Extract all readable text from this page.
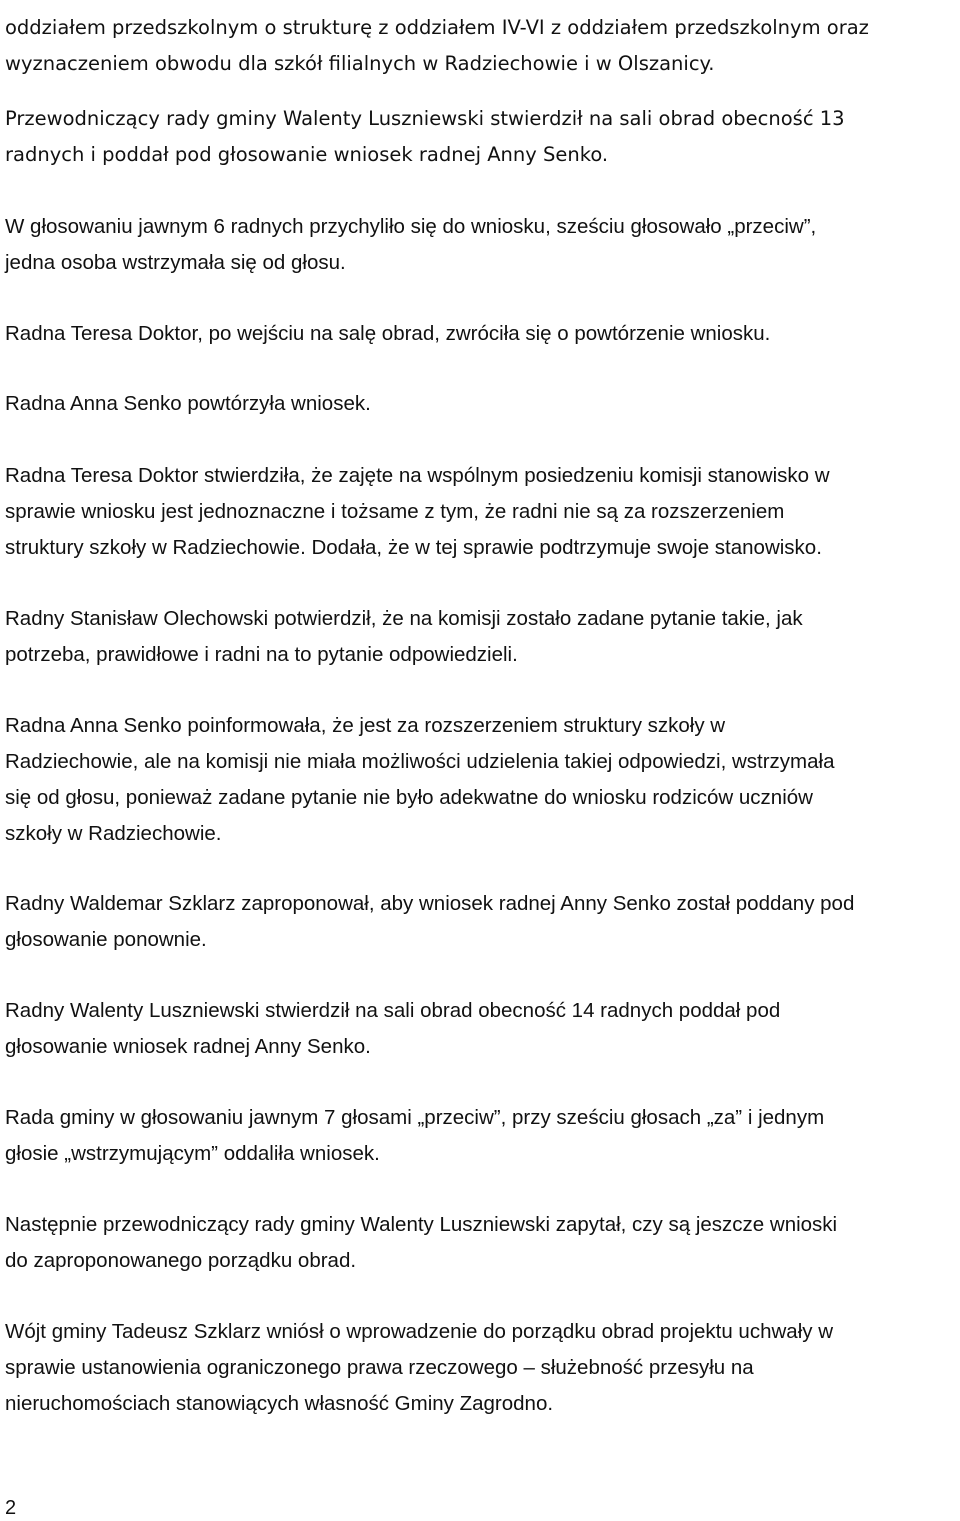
oddziałem przedszkolnym o strukturę z oddziałem IV-VI z oddziałem przedszkolnym oraz
wyznaczeniem obwodu dla szkół filialnych w Radziechowie i w Olszanicy.

Przewodniczący rady gminy Walenty Luszniewski stwierdził na sali obrad obecność 13
radnych i poddał pod głosowanie wniosek radnej Anny Senko.

W głosowaniu jawnym 6 radnych przychyliło się do wniosku, sześciu głosowało „przeciw”,
jedna osoba wstrzymała się od głosu.

Radna Teresa Doktor, po wejściu na salę obrad, zwróciła się o powtórzenie wniosku.

Radna Anna Senko powtórzyła wniosek.

Radna Teresa Doktor stwierdziła, że zajęte na wspólnym posiedzeniu komisji stanowisko w
sprawie wniosku jest jednoznaczne i tożsame z tym, że radni nie są za rozszerzeniem
struktury szkoły w Radziechowie. Dodała, że w tej sprawie podtrzymuje swoje stanowisko.

Radny Stanisław Olechowski potwierdził, że na komisji zostało zadane pytanie takie, jak
potrzeba, prawidłowe i radni na to pytanie odpowiedzieli.

Radna Anna Senko poinformowała, że jest za rozszerzeniem struktury szkoły w
Radziechowie, ale na komisji nie miała możliwości udzielenia takiej odpowiedzi, wstrzymała
się od głosu, ponieważ zadane pytanie nie było adekwatne do wniosku rodziców uczniów
szkoły w Radziechowie.

Radny Waldemar Szklarz zaproponował, aby wniosek radnej Anny Senko został poddany pod
głosowanie ponownie.

Radny Walenty Luszniewski stwierdził na sali obrad obecność 14 radnych poddał pod
głosowanie wniosek radnej Anny Senko.

Rada gminy w głosowaniu jawnym 7 głosami „przeciw”, przy sześciu głosach „za” i jednym
głosie „wstrzymującym” oddaliła wniosek.

Następnie przewodniczący rady gminy Walenty Luszniewski zapytał, czy są jeszcze wnioski
do zaproponowanego porządku obrad.

Wójt gminy Tadeusz Szklarz wniósł o wprowadzenie do porządku obrad projektu uchwały w
sprawie ustanowienia ograniczonego prawa rzeczowego – służebność przesyłu na
nieruchomościach stanowiących własność Gminy Zagrodno.

2
